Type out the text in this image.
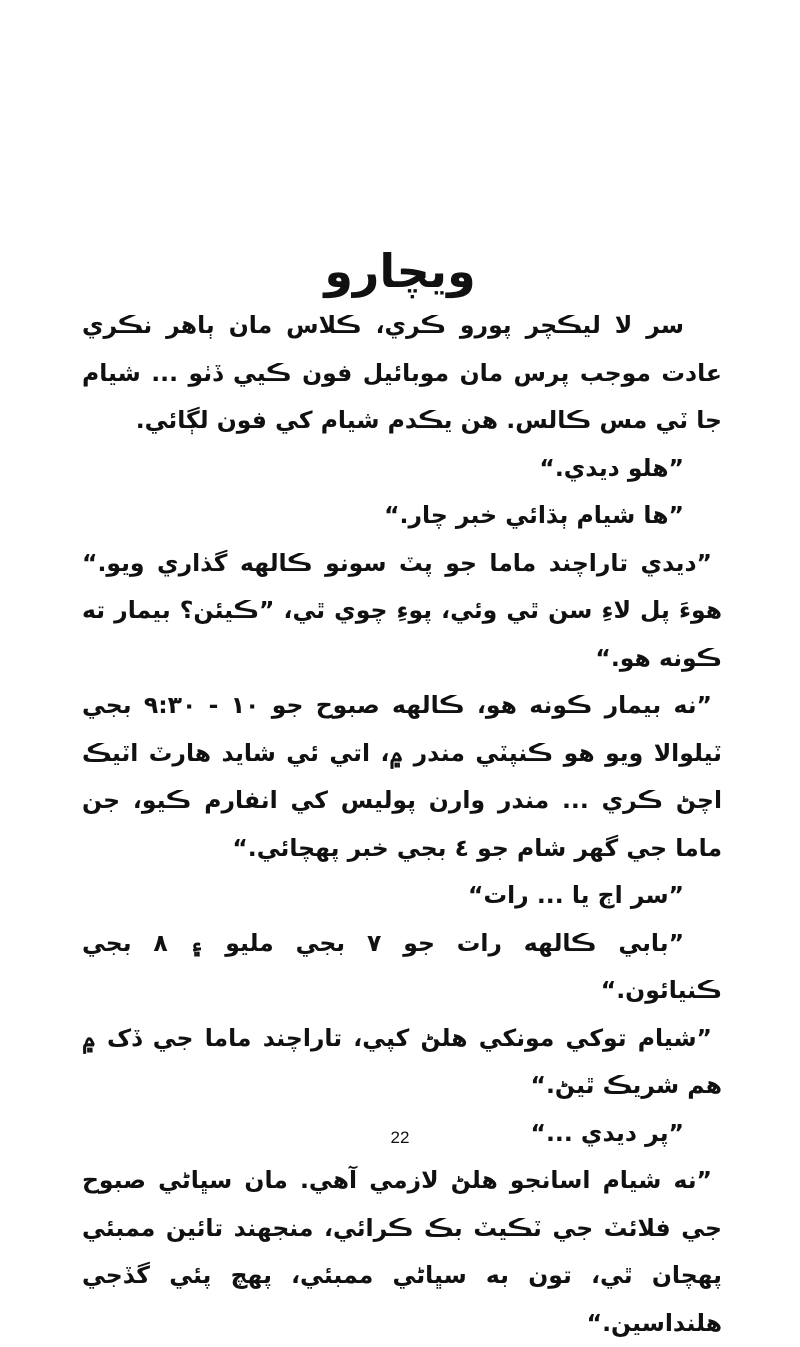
ويچارو

سر لا ليڪچر پورو ڪري، ڪلاس مان ٻاهر نڪري عادت موجب پرس مان موبائيل فون ڪيي ڏٺو ... شيام جا ٽي مس ڪالس. هن يڪدم شيام کي فون لڳائي.

”هلو ديدي.“

”ها شيام ٻڌائي خبر چار.“

”ديدي تاراچند ماما جو پٽ سونو ڪالهه گذاري ويو.“ هوءَ پل لاءِ سن ٿي وئي، پوءِ چوي ٿي، ”ڪيئن؟ بيمار ته ڪونه هو.“

”نه بيمار ڪونه هو، ڪالهه صبوح جو ١٠ - ٩:٣٠ بجي ٽيلوالا ويو هو ڪنپٽي مندر ۾، اتي ئي شايد هارٽ اٽيڪ اچڻ ڪري ... مندر وارن پوليس کي انفارم ڪيو، جن ماما جي گهر شام جو ٤ بجي خبر پهچائي.“

”سر اڄ يا ... رات“

”بابي ڪالهه رات جو ٧ بجي مليو ۽ ٨ بجي ڪنيائون.“

”شيام توکي مونکي هلڻ کپي، تاراچند ماما جي ڏک ۾ هم شريڪ ٿيڻ.“

”پر ديدي ...“

”نه شيام اسانجو هلڻ لازمي آهي. مان سڀاڻي صبوح جي فلائٽ جي ٽڪيٽ بڪ ڪرائي، منجهند تائين ممبئي پهچان ٿي، تون به سڀاڻي ممبئي، پهچ پئي گڏجي هلنداسين.“

22
